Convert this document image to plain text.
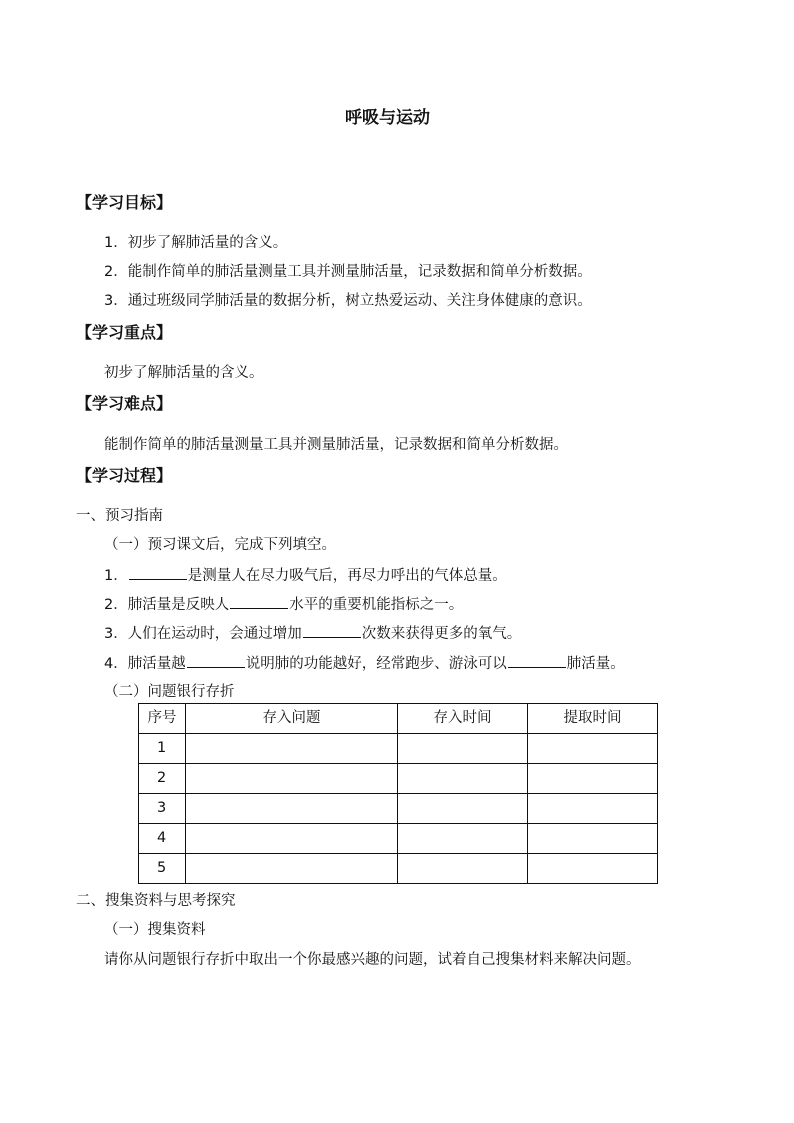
呼吸与运动
【学习目标】
1．初步了解肺活量的含义。
2．能制作简单的肺活量测量工具并测量肺活量，记录数据和简单分析数据。
3．通过班级同学肺活量的数据分析，树立热爱运动、关注身体健康的意识。
【学习重点】
初步了解肺活量的含义。
【学习难点】
能制作简单的肺活量测量工具并测量肺活量，记录数据和简单分析数据。
【学习过程】
一、预习指南
（一）预习课文后，完成下列填空。
1．	是测量人在尽力吸气后，再尽力呼出的气体总量。
2．肺活量是反映人	水平的重要机能指标之一。
3．人们在运动时，会通过增加	次数来获得更多的氧气。
4．肺活量越	说明肺的功能越好，经常跑步、游泳可以	肺活量。
（二）问题银行存折
序号	存入问题	存入时间	提取时间
1			
2			
3			
4			
5			
二、搜集资料与思考探究
（一）搜集资料
请你从问题银行存折中取出一个你最感兴趣的问题，试着自己搜集材料来解决问题。
